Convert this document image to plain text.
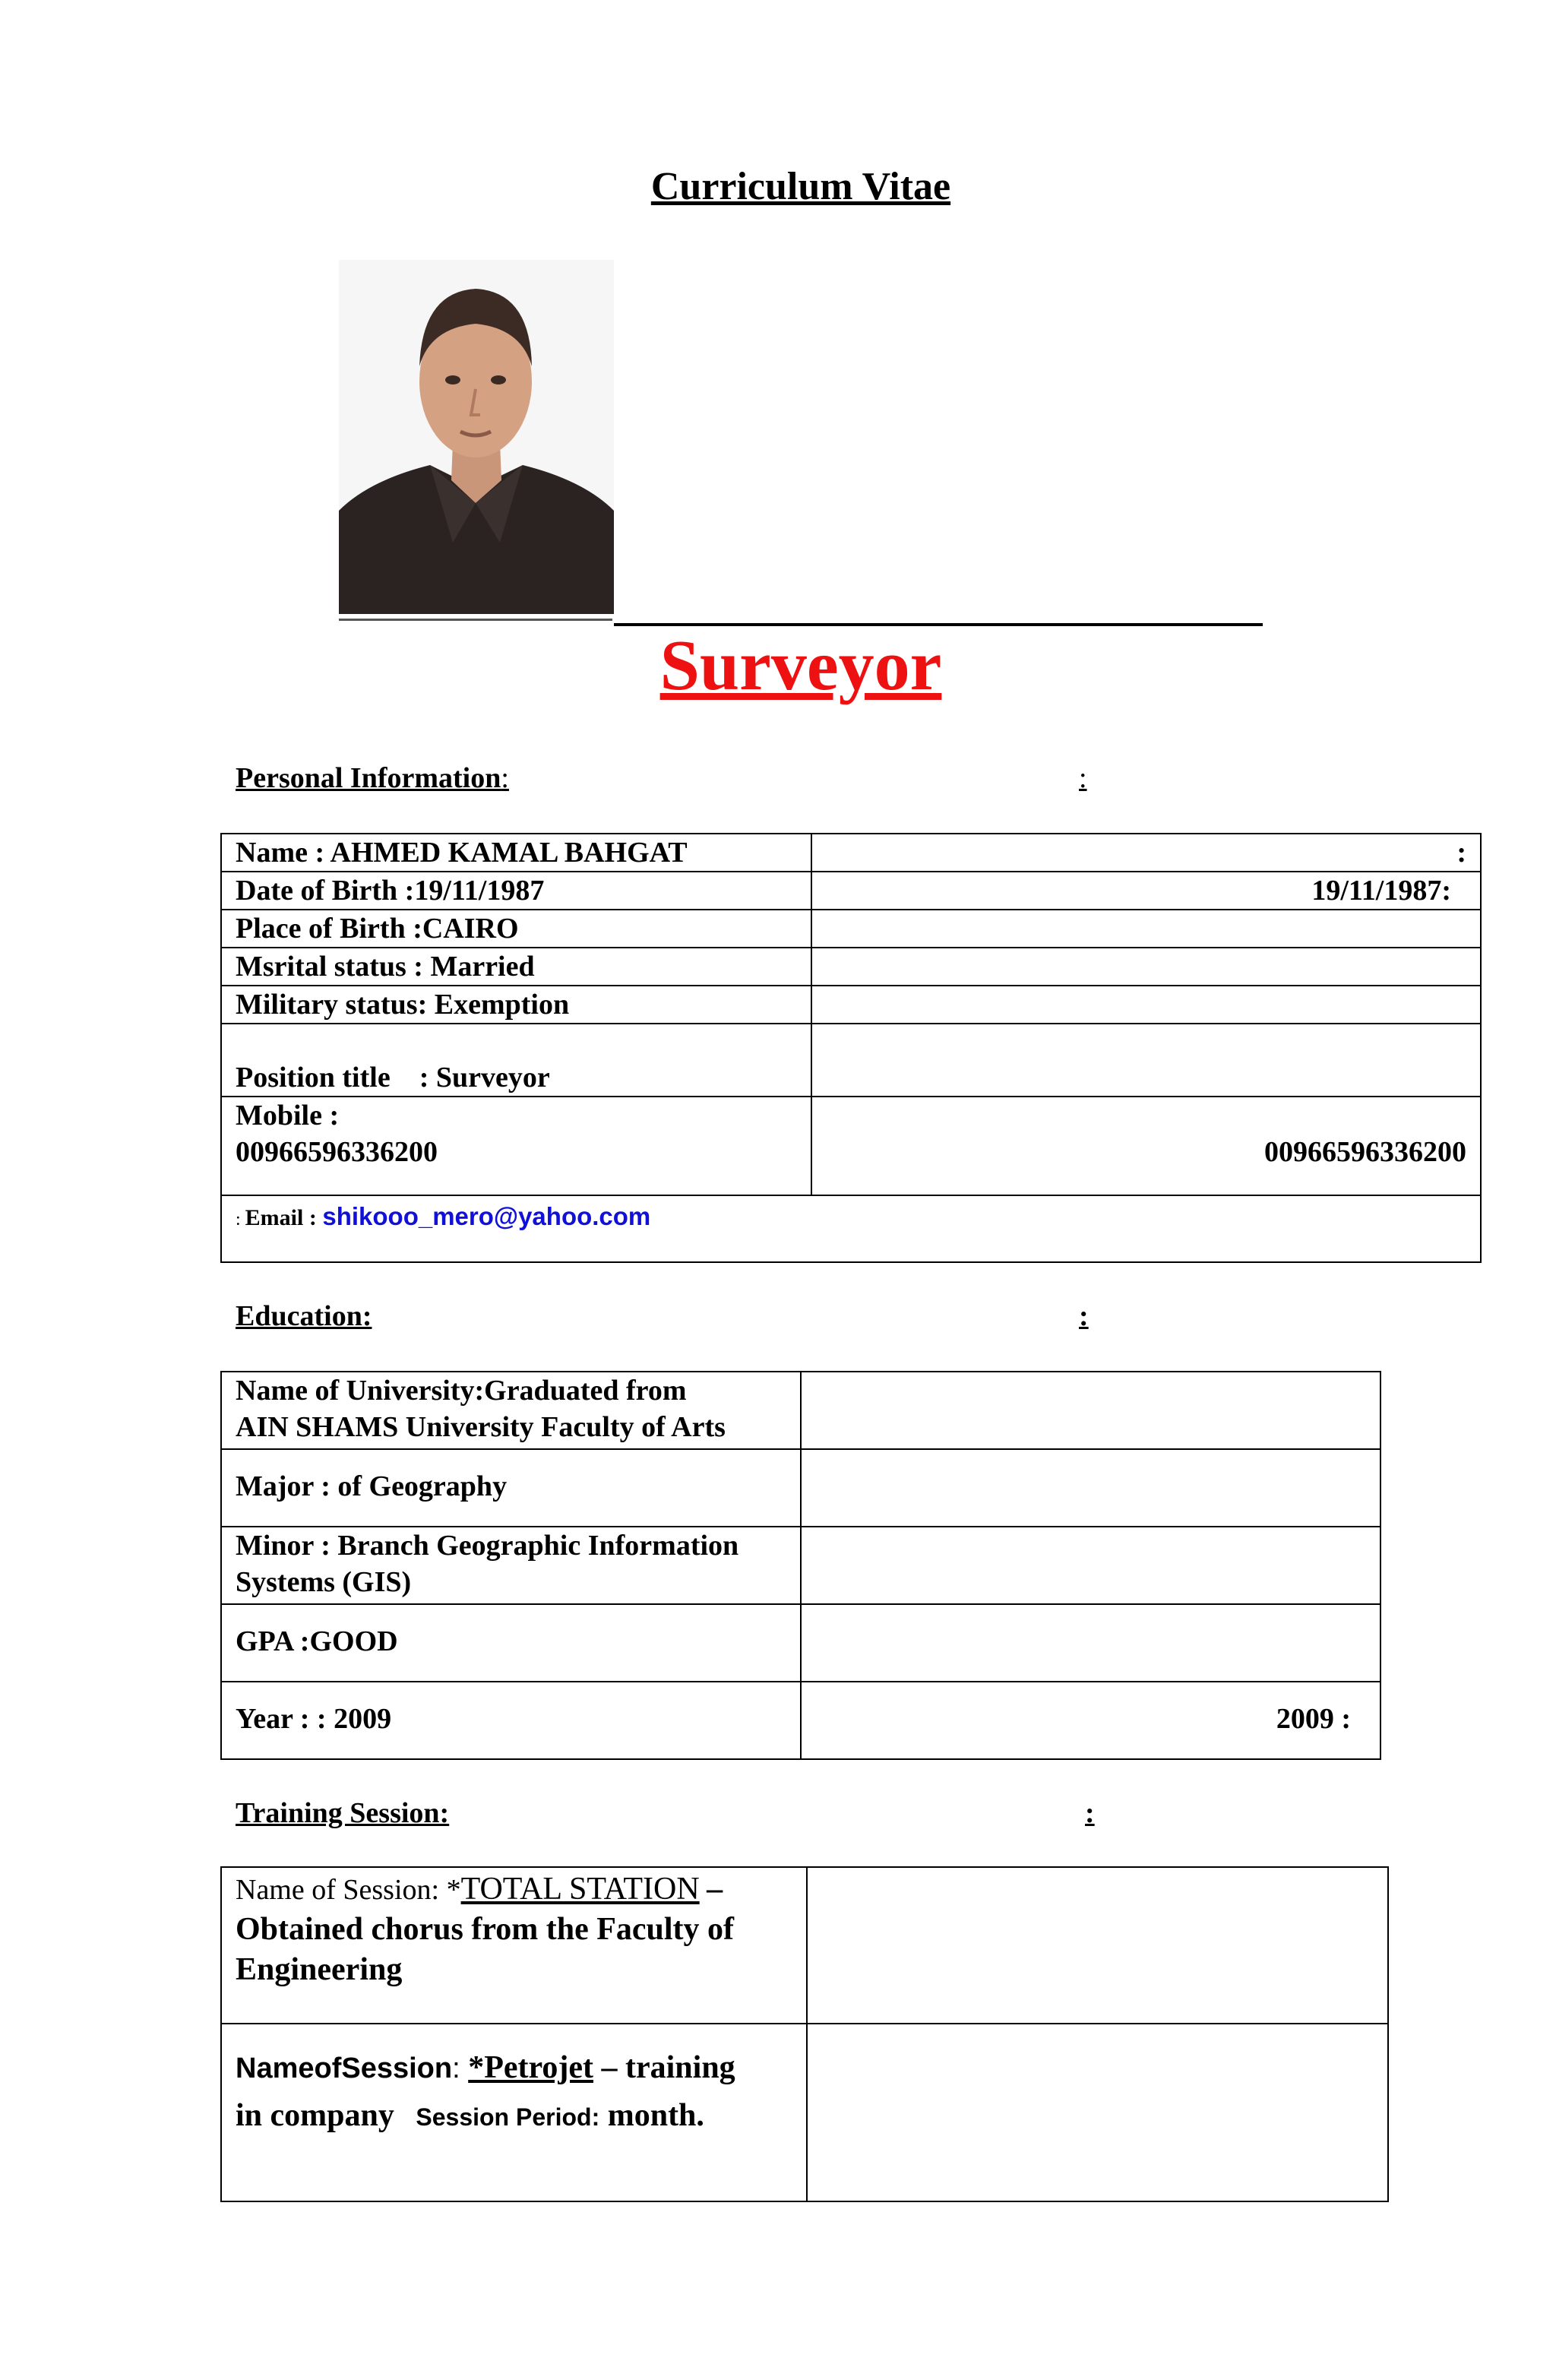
Curriculum Vitae
Surveyor
Personal Information:	:
Name : AHMED KAMAL BAHGAT	:
Date of Birth :19/11/1987	19/11/1987:
Place of Birth :CAIRO	
Msrital status : Married	
Military status: Exemption	
Position title    : Surveyor	

Mobile :
00966596336200	00966596336200
: Email : shikooo_mero@yahoo.com	
Education:	:
Name of University:Graduated from
AIN SHAMS University Faculty of Arts	

Major : of Geography	

Minor : Branch Geographic Information
Systems (GIS)	

GPA :GOOD	
Year : : 2009	2009 :
Training Session:	:
Name of Session: *TOTAL STATION – Obtained chorus from the Faculty of Engineering	

NameofSession: *Petrojet – training
in company Session Period: month.	
